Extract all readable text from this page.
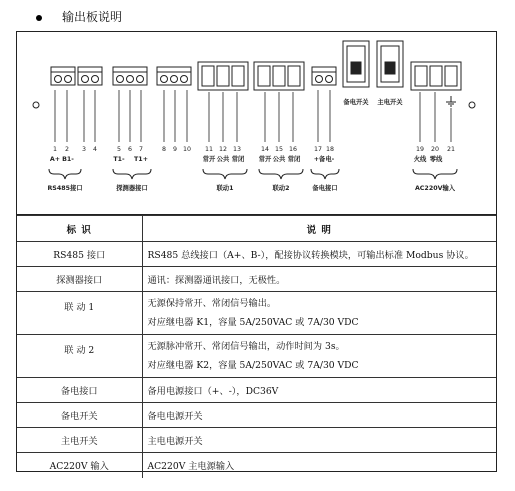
输出板说明
备电开关 主电开关
1 2 3 4	5 6 7	8 9 10 11 12 13	14 15 16	17 18	19 20 21
A+ B1-	T1- T1+	常开 公共 常闭 常开 公共 常闭 +备电-	火线 零线
RS485接口	探测器接口	联动1	联动2	备电接口	AC220V输入
标 识	说 明
RS485 接口	RS485 总线接口（A+、B-），配接协议转换模块，可输出标准 Modbus 协议。
探测器接口	通讯：探测器通讯接口，无极性。
联 动 1	无源保持常开、常闭信号输出。
对应继电器 K1，容量 5A/250VAC 或 7A/30 VDC

联 动 2	无源脉冲常开、常闭信号输出，动作时间为 3s。
对应继电器 K2，容量 5A/250VAC 或 7A/30 VDC

备电接口	备用电源接口（+、-），DC36V
备电开关	备电电源开关
主电开关	主电电源开关
AC220V 输入	AC220V 主电源输入
